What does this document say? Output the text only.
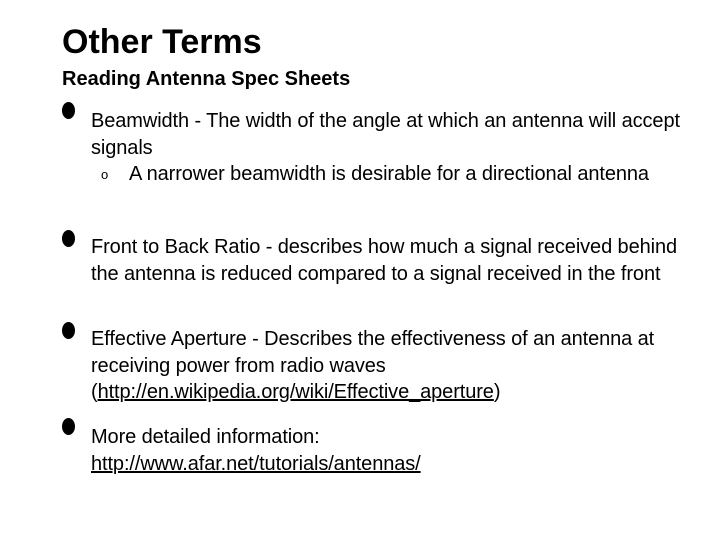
Other Terms
Reading Antenna Spec Sheets
Beamwidth - The width of the angle at which an antenna will accept signals
o A narrower beamwidth is desirable for a directional antenna
Front to Back Ratio - describes how much a signal received behind the antenna is reduced compared to a signal received in the front
Effective Aperture - Describes the effectiveness of an antenna at receiving power from radio waves
(http://en.wikipedia.org/wiki/Effective_aperture)
More detailed information:
http://www.afar.net/tutorials/antennas/
